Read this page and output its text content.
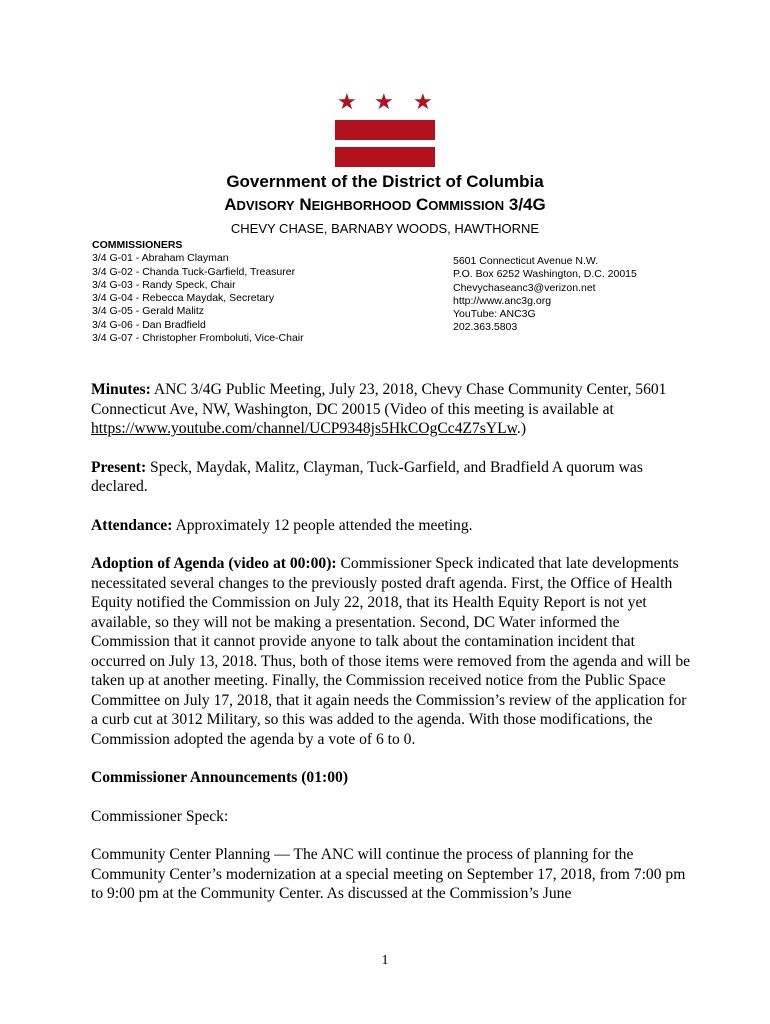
★ ★ ★
Government of the District of Columbia
ADVISORY NEIGHBORHOOD COMMISSION 3/4G
CHEVY CHASE, BARNABY WOODS, HAWTHORNE
COMMISSIONERS
3/4 G-01 - Abraham Clayman
3/4 G-02 - Chanda Tuck-Garfield, Treasurer
3/4 G-03 - Randy Speck, Chair
3/4 G-04 - Rebecca Maydak, Secretary
3/4 G-05 - Gerald Malitz
3/4 G-06 - Dan Bradfield
3/4 G-07 - Christopher Fromboluti, Vice-Chair
5601 Connecticut Avenue N.W.
P.O. Box 6252 Washington, D.C. 20015
Chevychaseanc3@verizon.net
http://www.anc3g.org
YouTube: ANC3G
202.363.5803

Minutes: ANC 3/4G Public Meeting, July 23, 2018, Chevy Chase Community Center, 5601 Connecticut Ave, NW, Washington, DC 20015 (Video of this meeting is available at https://www.youtube.com/channel/UCP9348js5HkCOgCc4Z7sYLw.)

Present: Speck, Maydak, Malitz, Clayman, Tuck-Garfield, and Bradfield A quorum was declared.

Attendance: Approximately 12 people attended the meeting.

Adoption of Agenda (video at 00:00): Commissioner Speck indicated that late developments necessitated several changes to the previously posted draft agenda. First, the Office of Health Equity notified the Commission on July 22, 2018, that its Health Equity Report is not yet available, so they will not be making a presentation. Second, DC Water informed the Commission that it cannot provide anyone to talk about the contamination incident that occurred on July 13, 2018. Thus, both of those items were removed from the agenda and will be taken up at another meeting. Finally, the Commission received notice from the Public Space Committee on July 17, 2018, that it again needs the Commission’s review of the application for a curb cut at 3012 Military, so this was added to the agenda. With those modifications, the Commission adopted the agenda by a vote of 6 to 0.

Commissioner Announcements (01:00)

Commissioner Speck:

Community Center Planning — The ANC will continue the process of planning for the Community Center’s modernization at a special meeting on September 17, 2018, from 7:00 pm to 9:00 pm at the Community Center. As discussed at the Commission’s June

1
